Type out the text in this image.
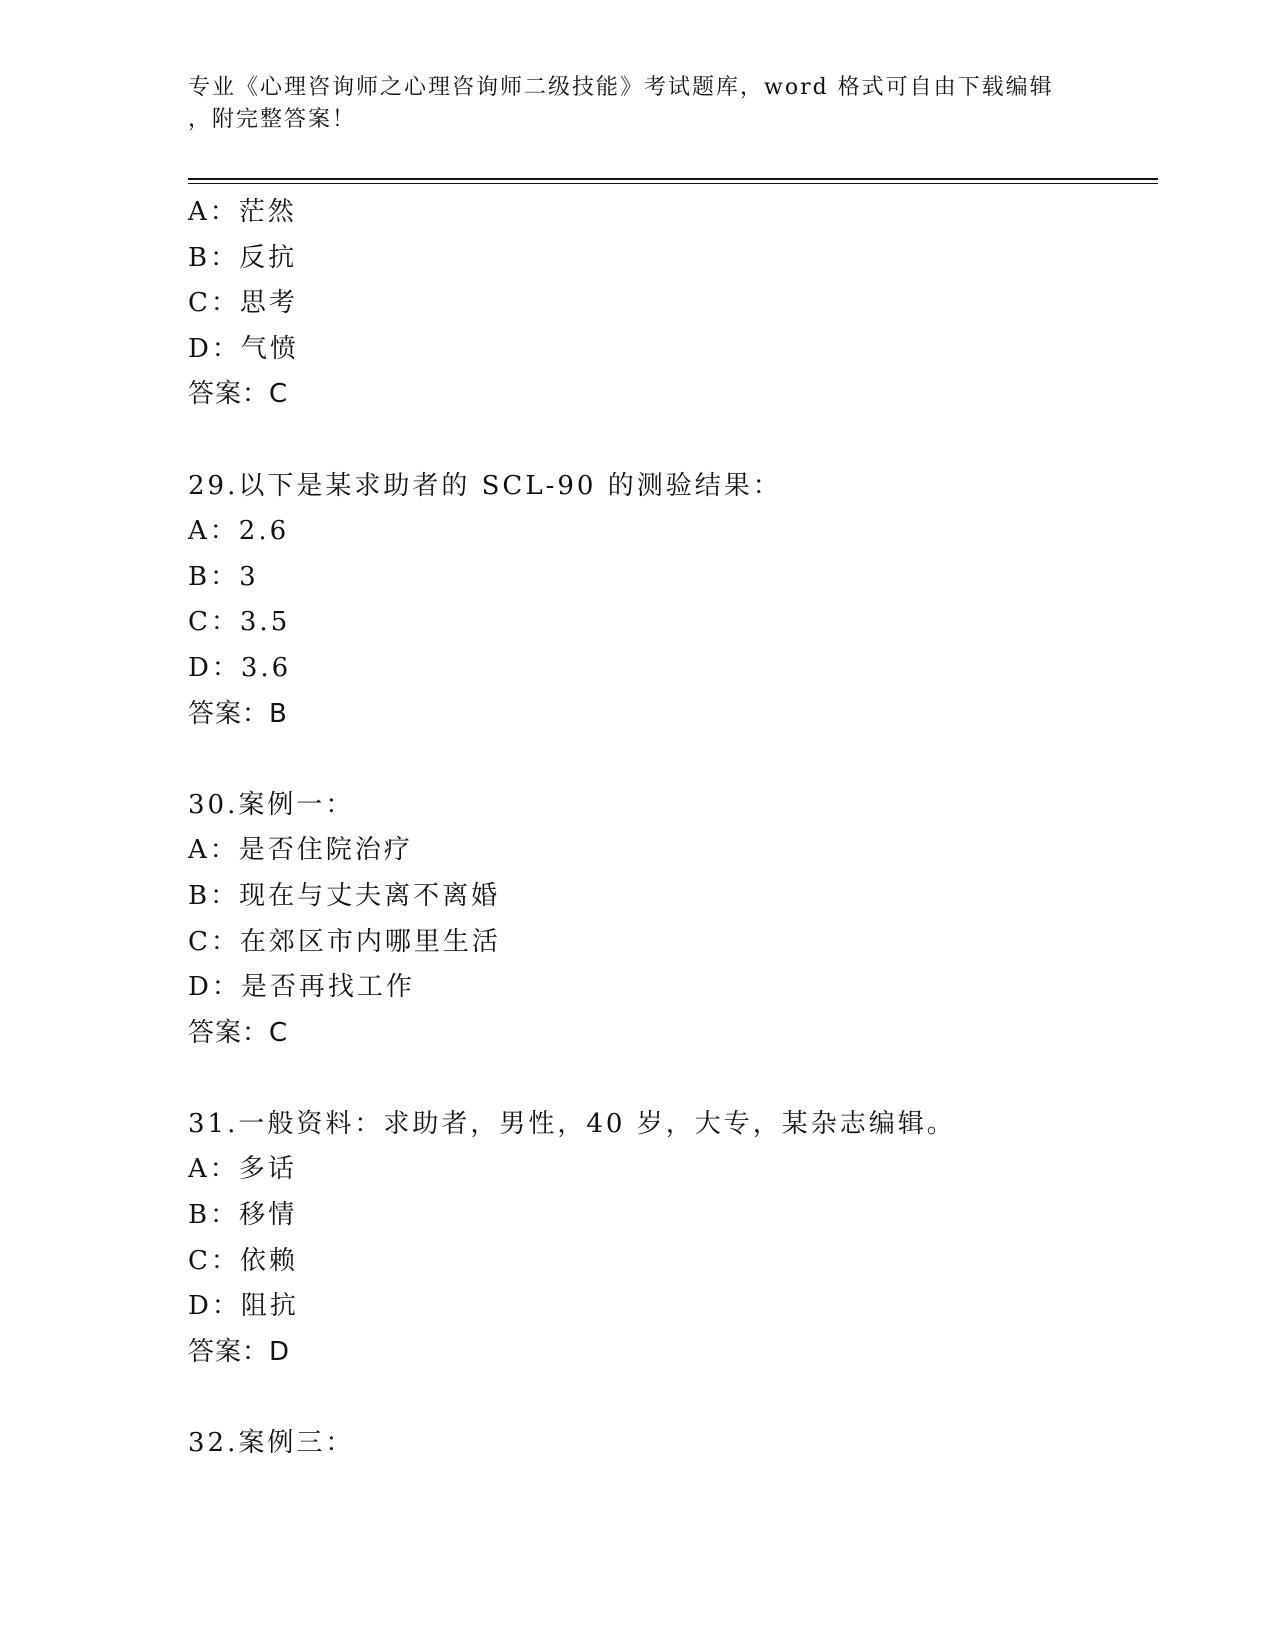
专业《心理咨询师之心理咨询师二级技能》考试题库，word 格式可自由下载编辑
，附完整答案！
A：茫然
B：反抗
C：思考
D：气愤
答案：C
29.以下是某求助者的 SCL-90 的测验结果：
A：2.6
B：3
C：3.5
D：3.6
答案：B
30.案例一：
A：是否住院治疗
B：现在与丈夫离不离婚
C：在郊区市内哪里生活
D：是否再找工作
答案：C
31.一般资料：求助者，男性，40 岁，大专，某杂志编辑。
A：多话
B：移情
C：依赖
D：阻抗
答案：D
32.案例三：
